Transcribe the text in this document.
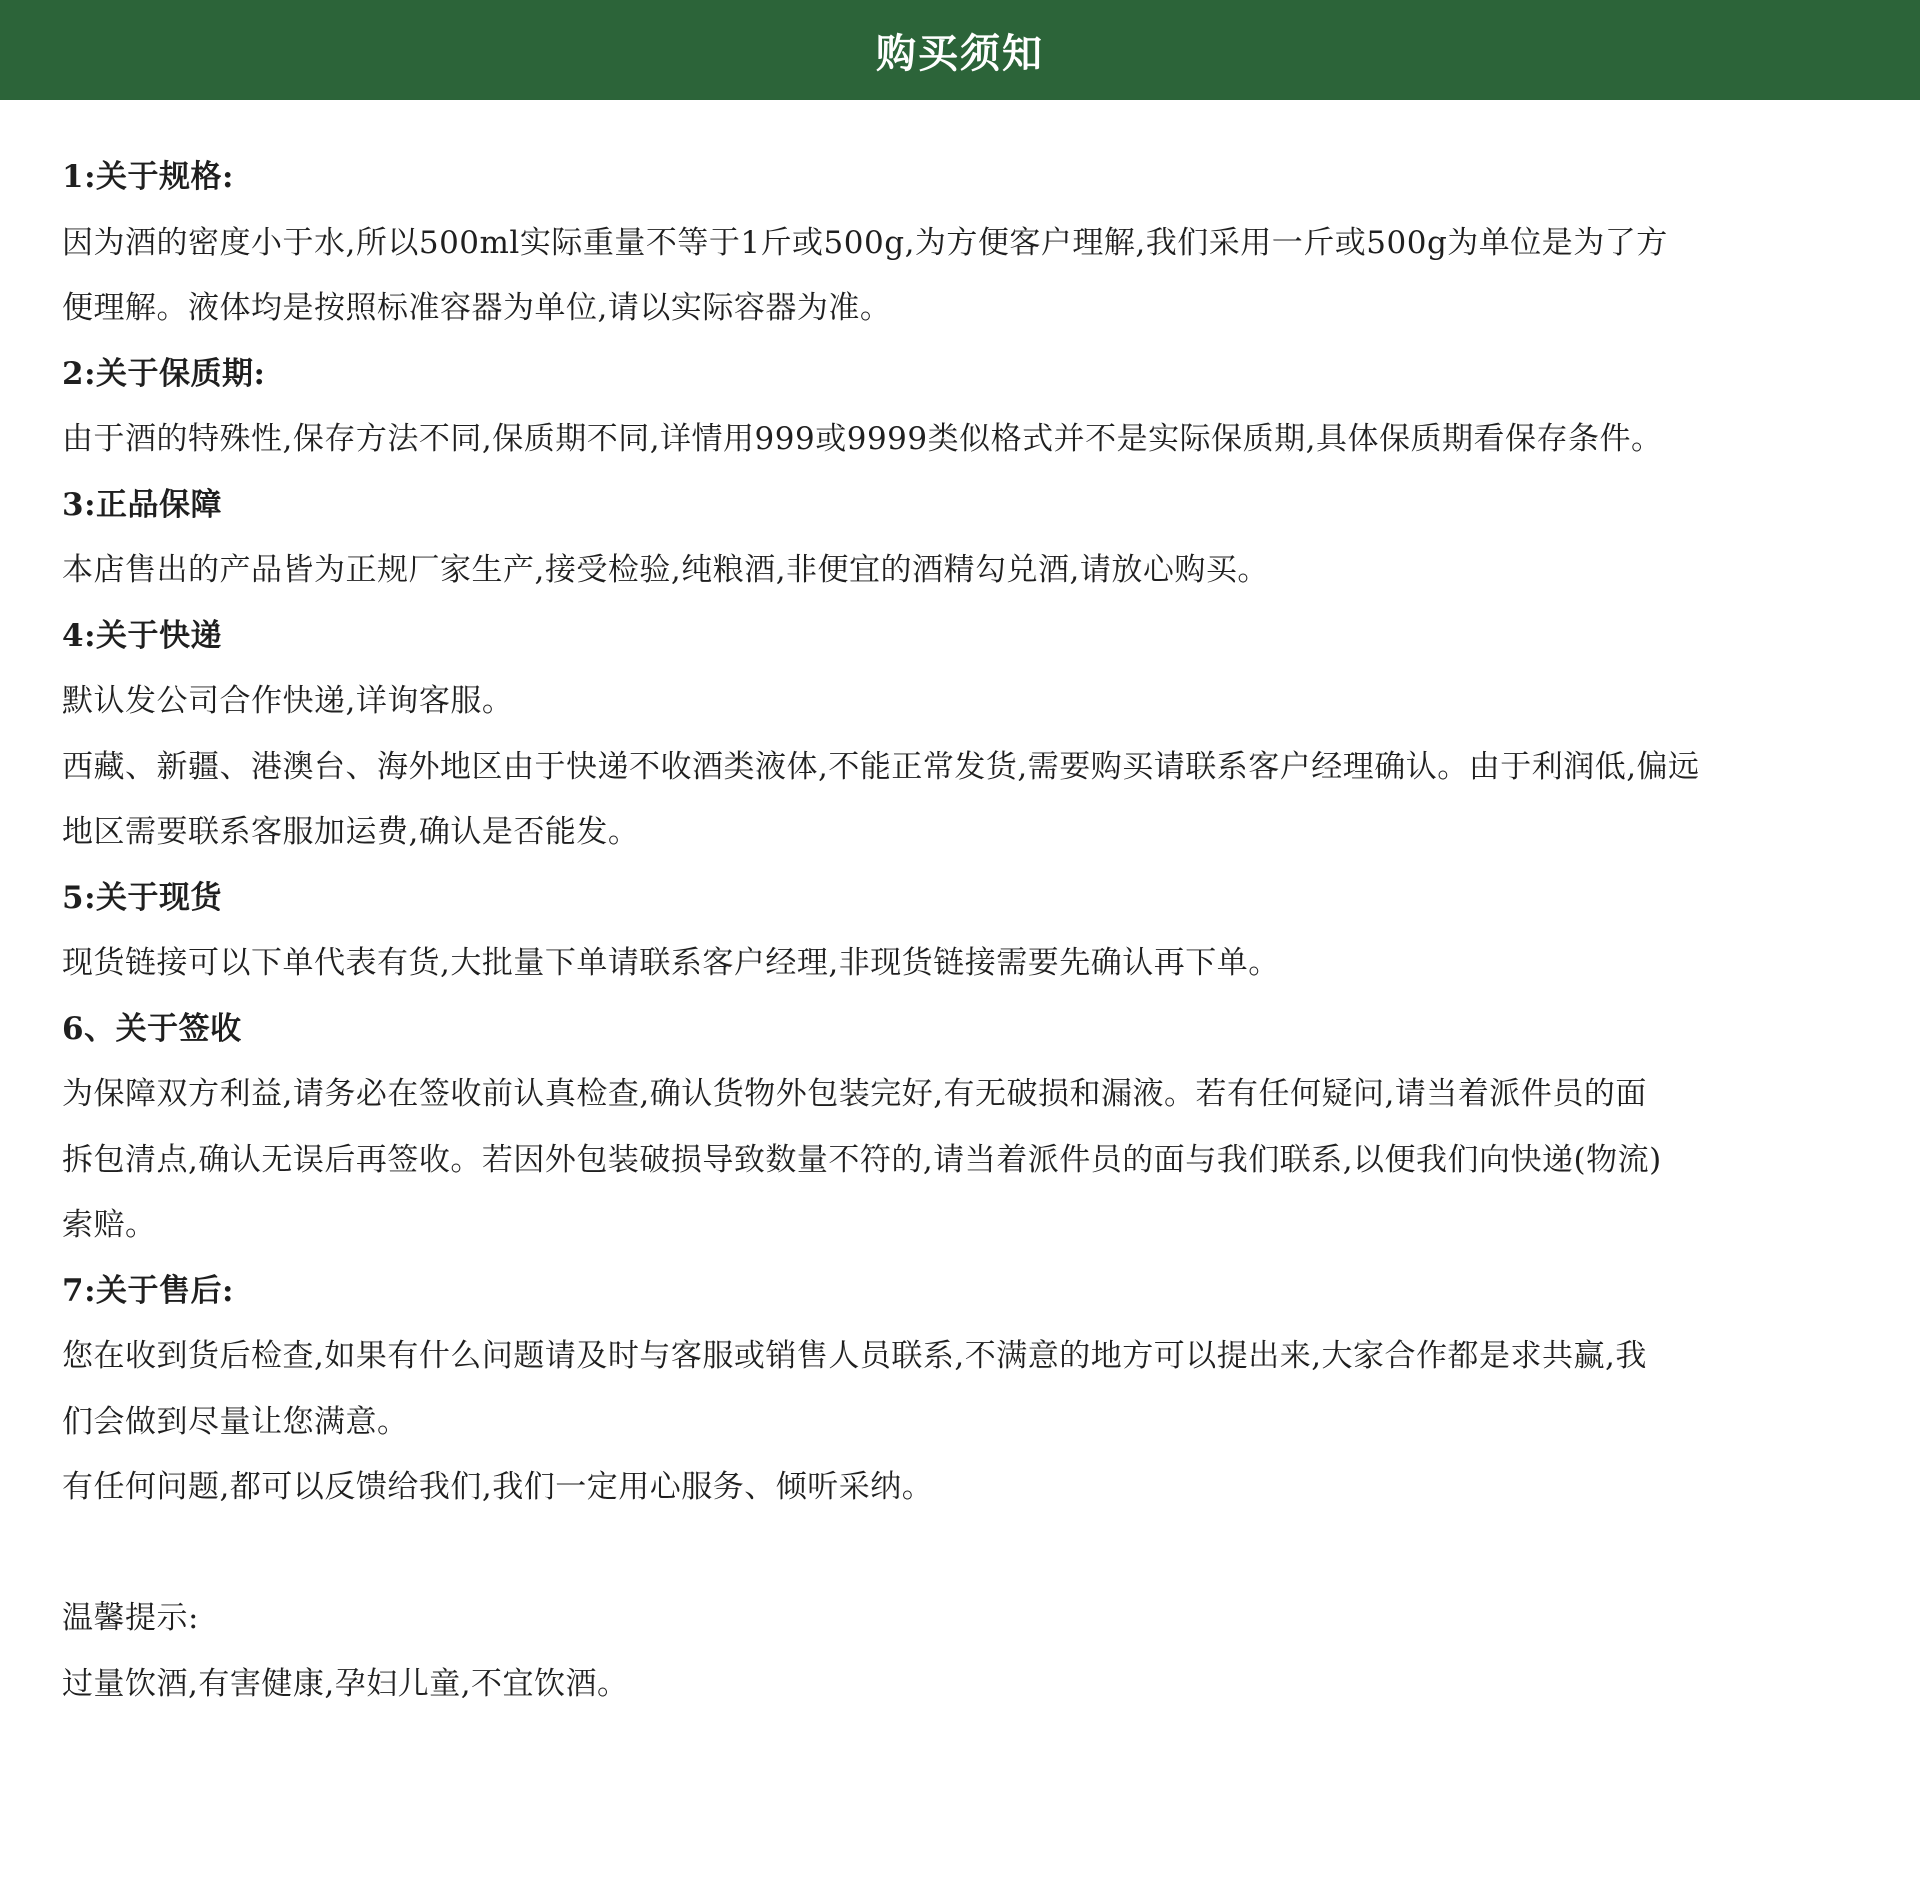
购买须知
1:关于规格:
因为酒的密度小于水,所以500ml实际重量不等于1斤或500g,为方便客户理解,我们采用一斤或500g为单位是为了方
便理解。液体均是按照标准容器为单位,请以实际容器为准。
2:关于保质期:
由于酒的特殊性,保存方法不同,保质期不同,详情用999或9999类似格式并不是实际保质期,具体保质期看保存条件。
3:正品保障
本店售出的产品皆为正规厂家生产,接受检验,纯粮酒,非便宜的酒精勾兑酒,请放心购买。
4:关于快递
默认发公司合作快递,详询客服。
西藏、新疆、港澳台、海外地区由于快递不收酒类液体,不能正常发货,需要购买请联系客户经理确认。由于利润低,偏远
地区需要联系客服加运费,确认是否能发。
5:关于现货
现货链接可以下单代表有货,大批量下单请联系客户经理,非现货链接需要先确认再下单。
6、关于签收
为保障双方利益,请务必在签收前认真检查,确认货物外包装完好,有无破损和漏液。若有任何疑问,请当着派件员的面
拆包清点,确认无误后再签收。若因外包装破损导致数量不符的,请当着派件员的面与我们联系,以便我们向快递(物流)
索赔。
7:关于售后:
您在收到货后检查,如果有什么问题请及时与客服或销售人员联系,不满意的地方可以提出来,大家合作都是求共赢,我
们会做到尽量让您满意。
有任何问题,都可以反馈给我们,我们一定用心服务、倾听采纳。
温馨提示:
过量饮酒,有害健康,孕妇儿童,不宜饮酒。
